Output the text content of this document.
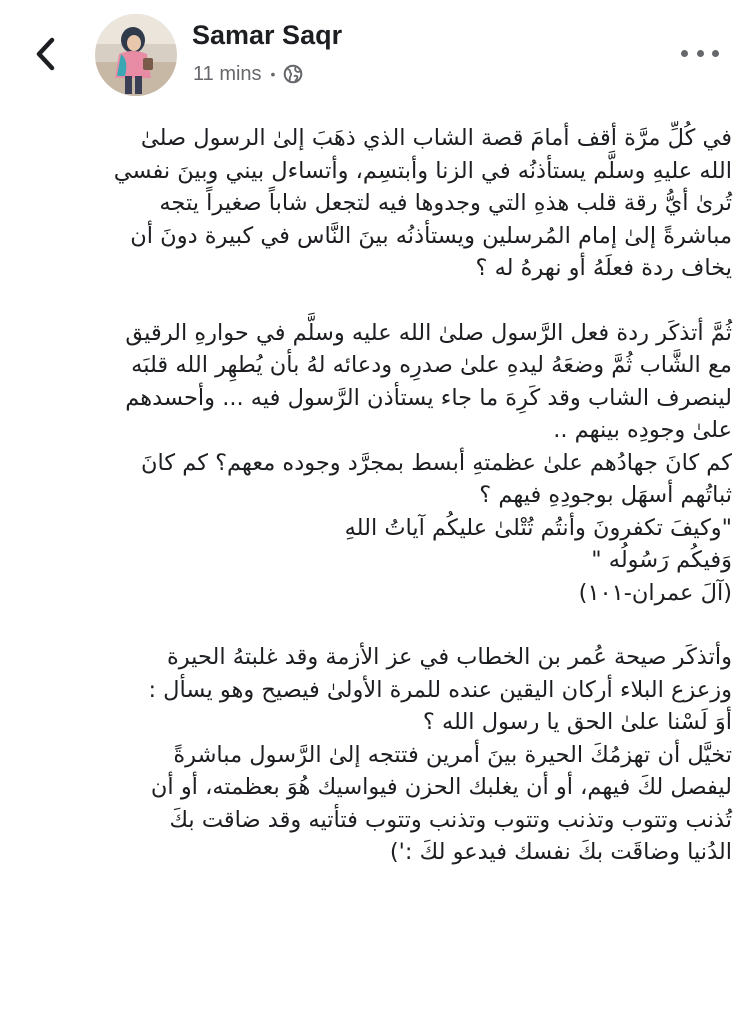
Samar Saqr
11 mins •
في كُلِّ مرَّة أقف أمامَ قصة الشاب الذي ذهَبَ إلىٰ الرسول صلىٰ
الله عليهِ وسلَّم يستأذنُه في الزنا وأبتسِم، وأتساءل بيني وبينَ نفسي
تُرىٰ أيُّ رقة قلب هذهِ التي وجدوها فيه لتجعل شاباً صغيراً يتجه
مباشرةً إلىٰ إمام المُرسلين ويستأذنُه بينَ النَّاس في كبيرة دونَ أن
يخاف ردة فعلَهُ أو نهرهُ له ؟
ثُمَّ أتذكَر ردة فعل الرَّسول صلىٰ الله عليه وسلَّم في حوارهِ الرقيق
مع الشَّاب ثُمَّ وضعَهُ ليدهِ علىٰ صدرِه ودعائه لهُ بأن يُطهِر الله قلبَه
لينصرف الشاب وقد كَرِهَ ما جاء يستأذن الرَّسول فيه ... وأحسدهم
علىٰ وجودِه بينهم ..
كم كانَ جهادُهم علىٰ عظمتهِ أبسط بمجرَّد وجوده معهم؟ كم كانَ
ثباتُهم أسهَل بوجودِهِ فيهم ؟
"وكيفَ تكفرونَ وأنتُم تُتْلىٰ عليكُم آياتُ اللهِ
وَفيكُم رَسُولُه "
(آلَ عمران-١٠١)
وأتذكَر صيحة عُمر بن الخطاب في عز الأزمة وقد غلبتهُ الحيرة
وزعزع البلاء أركان اليقين عنده للمرة الأولىٰ فيصيح وهو يسأل :
أوَ لَسْنا علىٰ الحق يا رسول الله ؟
تخيَّل أن تهزمُكَ الحيرة بينَ أمرين فتتجه إلىٰ الرَّسول مباشرةً
ليفصل لكَ فيهم، أو أن يغلبك الحزن فيواسيك هُوَ بعظمته، أو أن
تُذنب وتتوب وتذنب وتتوب وتذنب وتتوب فتأتيه وقد ضاقت بكَ
الدُنيا وضاقَت بكَ نفسك فيدعو لكَ :')
